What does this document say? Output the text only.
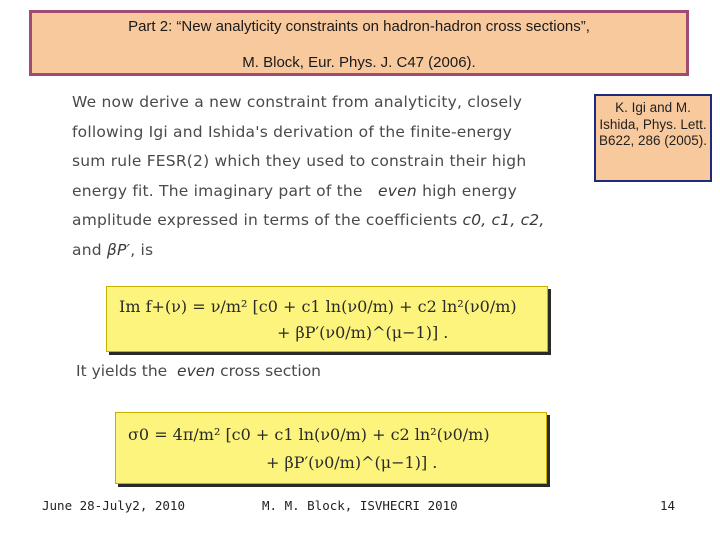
Part 2: “New analyticity constraints on hadron-hadron cross sections”,
M. Block, Eur. Phys. J. C47 (2006).
We now derive a new constraint from analyticity, closely
following Igi and Ishida's derivation of the finite-energy
sum rule FESR(2) which they used to constrain their high
energy fit. The imaginary part of the even high energy
amplitude expressed in terms of the coefficients c0, c1, c2,
and βP′, is
K. Igi and M. Ishida, Phys. Lett. B622, 286 (2005).
Im f+(ν) = ν/m² [c0 + c1 ln(ν0/m) + c2 ln²(ν0/m)
+ βP′(ν0/m)^(μ−1)] .
It yields the even cross section
σ0 = 4π/m² [c0 + c1 ln(ν0/m) + c2 ln²(ν0/m)
+ βP′(ν0/m)^(μ−1)] .
June 28-July2, 2010	M. M. Block, ISVHECRI 2010	14
